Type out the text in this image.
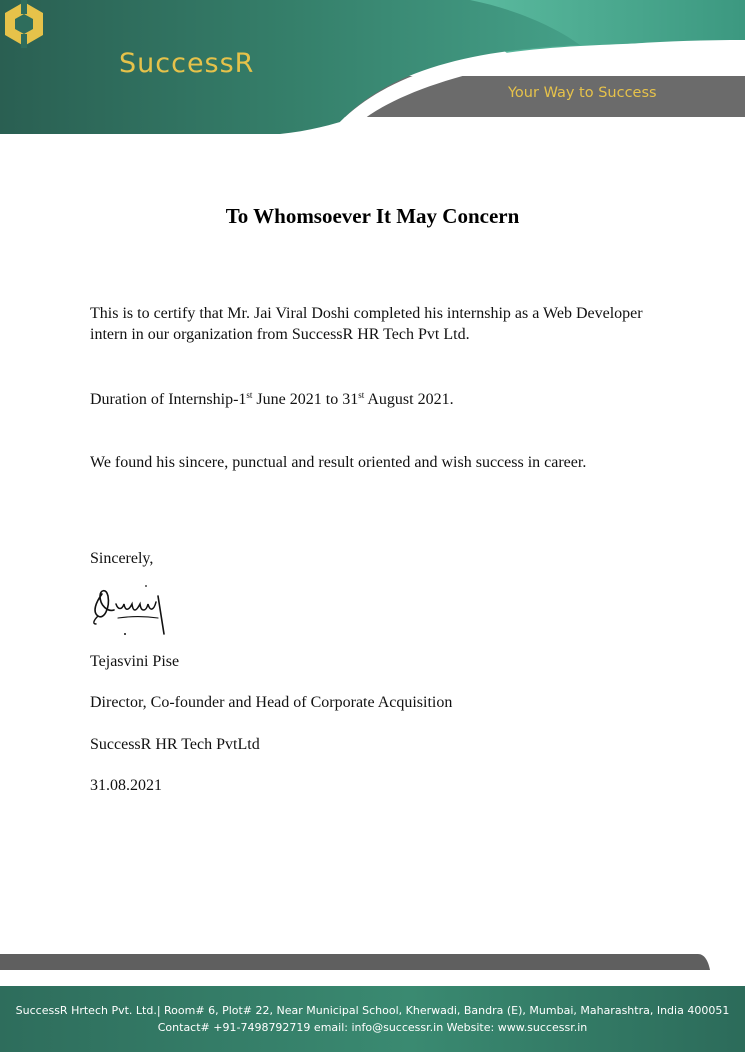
SuccessR
Your Way to Success
To Whomsoever It May Concern
This is to certify that Mr. Jai Viral Doshi completed his internship as a Web Developer intern in our organization from SuccessR HR Tech Pvt Ltd.
Duration of Internship-1st June 2021 to 31st August 2021.
We found his sincere, punctual and result oriented and wish success in career.
Sincerely,
Tejasvini Pise
Director, Co-founder and Head of Corporate Acquisition
SuccessR HR Tech PvtLtd
31.08.2021
SuccessR Hrtech Pvt. Ltd.| Room# 6, Plot# 22, Near Municipal School, Kherwadi, Bandra (E), Mumbai, Maharashtra, India 400051
Contact# +91-7498792719 email: info@successr.in Website: www.successr.in
